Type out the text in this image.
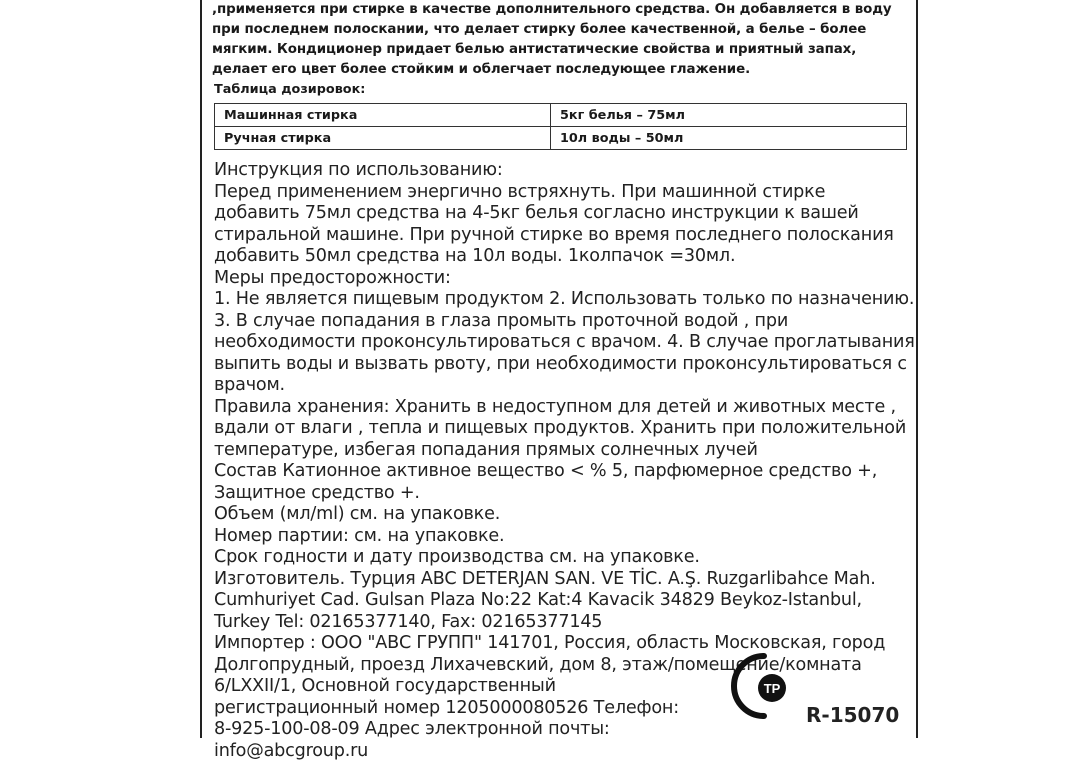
,применяется при стирке в качестве дополнительного средства. Он добавляется в воду
при последнем полоскании, что делает стирку более качественной, а белье – более
мягким. Кондиционер придает белью антистатические свойства и приятный запах,
делает его цвет более стойким и облегчает последующее глажение.
Таблица дозировок:
Машинная стирка	5кг белья – 75мл
Ручная стирка	10л воды – 50мл
Инструкция по использованию:
Перед применением энергично встряхнуть. При машинной стирке
добавить 75мл средства на 4-5кг белья согласно инструкции к вашей
стиральной машине. При ручной стирке во время последнего полоскания
добавить 50мл средства на 10л воды. 1колпачок =30мл.
Меры предосторожности:
1. Не является пищевым продуктом 2. Использовать только по назначению.
3. В случае попадания в глаза промыть проточной водой , при
необходимости проконсультироваться с врачом. 4. В случае проглатывания
выпить воды и вызвать рвоту, при необходимости проконсультироваться с
врачом.
Правила хранения: Хранить в недоступном для детей и животных месте ,
вдали от влаги , тепла и пищевых продуктов. Хранить при положительной
температуре, избегая попадания прямых солнечных лучей
Состав Катионное активное вещество < % 5, парфюмерное средство +,
Защитное средство +.
Объем (мл/ml) см. на упаковке.
Номер партии: см. на упаковке.
Срок годности и дату производства см. на упаковке.
Изготовитель. Турция ABC DETERJAN SAN. VE TİC. A.Ş. Ruzgarlibahce Mah.
Cumhuriyet Cad. Gulsan Plaza No:22 Kat:4 Kavacik 34829 Beykoz-Istanbul,
Turkey Tel: 02165377140, Fax: 02165377145
Импортер : ООО "АВС ГРУПП" 141701, Россия, область Московская, город
Долгопрудный, проезд Лихачевский, дом 8, этаж/помещение/комната
6/LXXII/1, Основной государственный
регистрационный номер 1205000080526 Телефон:
8-925-100-08-09 Адрес электронной почты:
info@abcgroup.ru
ТР
R-15070
